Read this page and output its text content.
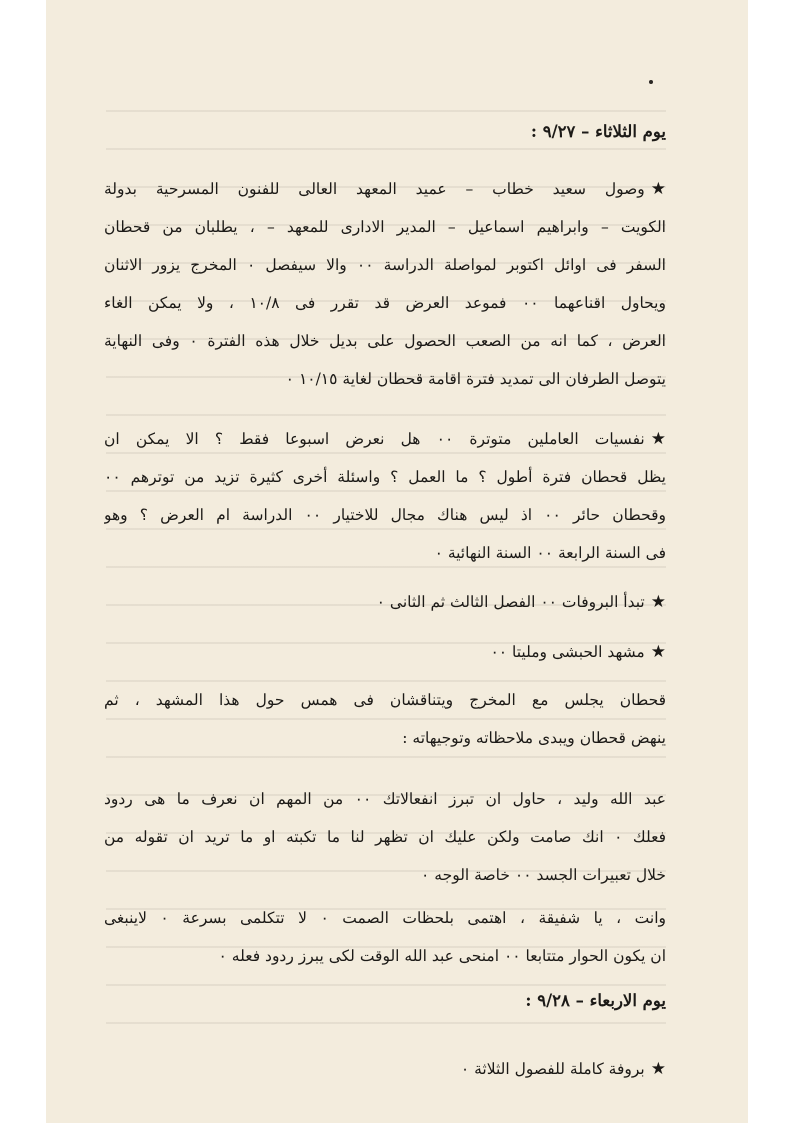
يوم الثلاثاء – ٩/٢٧ :
★وصول سعيد خطاب – عميد المعهد العالى للفنون المسرحية بدولة
الكويت – وابراهيم اسماعيل – المدير الادارى للمعهد – ، يطلبان من قحطان
السفر فى اوائل اكتوبر لمواصلة الدراسة ٠٠ والا سيفصل ٠ المخرج يزور الاثنان
ويحاول اقناعهما ٠٠ فموعد العرض قد تقرر فى ١٠/٨ ، ولا يمكن الغاء
العرض ، كما انه من الصعب الحصول على بديل خلال هذه الفترة ٠ وفى النهاية
يتوصل الطرفان الى تمديد فترة اقامة قحطان لغاية ١٠/١٥ ٠
★نفسيات العاملين متوترة ٠٠ هل نعرض اسبوعا فقط ؟ الا يمكن ان
يظل قحطان فترة أطول ؟ ما العمل ؟ واسئلة أخرى كثيرة تزيد من توترهم ٠٠
وقحطان حائر ٠٠ اذ ليس هناك مجال للاختيار ٠٠ الدراسة ام العرض ؟ وهو
فى السنة الرابعة ٠٠ السنة النهائية ٠
★تبدأ البروفات ٠٠ الفصل الثالث ثم الثانى ٠
★مشهد الحبشى ومليتا ٠٠
قحطان يجلس مع المخرج ويتناقشان فى همس حول هذا المشهد ، ثم
ينهض قحطان ويبدى ملاحظاته وتوجيهاته :
عبد الله وليد ، حاول ان تبرز انفعالاتك ٠٠ من المهم ان نعرف ما هى ردود
فعلك ٠ انك صامت ولكن عليك ان تظهر لنا ما تكبته او ما تريد ان تقوله من
خلال تعبيرات الجسد ٠٠ خاصة الوجه ٠
وانت ، يا شفيقة ، اهتمى بلحظات الصمت ٠ لا تتكلمى بسرعة ٠ لاينبغى
ان يكون الحوار متتابعا ٠٠ امنحى عبد الله الوقت لكى يبرز ردود فعله ٠
يوم الاربعاء – ٩/٢٨ :
★بروفة كاملة للفصول الثلاثة ٠
